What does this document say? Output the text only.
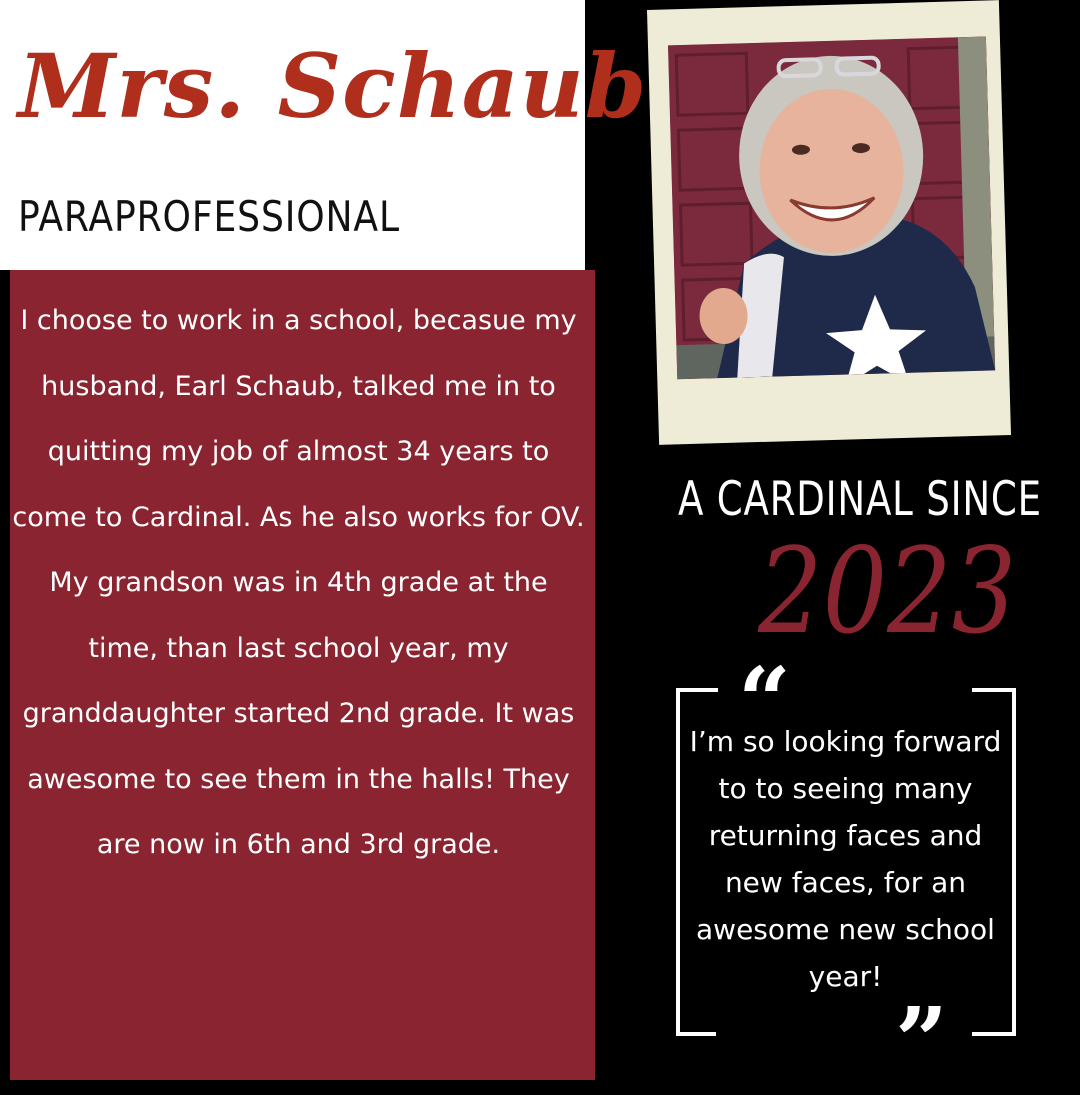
Mrs. Schaub
PARAPROFESSIONAL
I choose to work in a school, becasue my husband, Earl Schaub, talked me in to quitting my job of almost 34 years to come to Cardinal. As he also works for OV. My grandson was in 4th grade at the time, than last school year, my granddaughter started 2nd grade. It was awesome to see them in the halls! They are now in 6th and 3rd grade.
A CARDINAL SINCE
2023
“
I’m so looking forward to to seeing many returning faces and new faces, for an awesome new school year!
”
